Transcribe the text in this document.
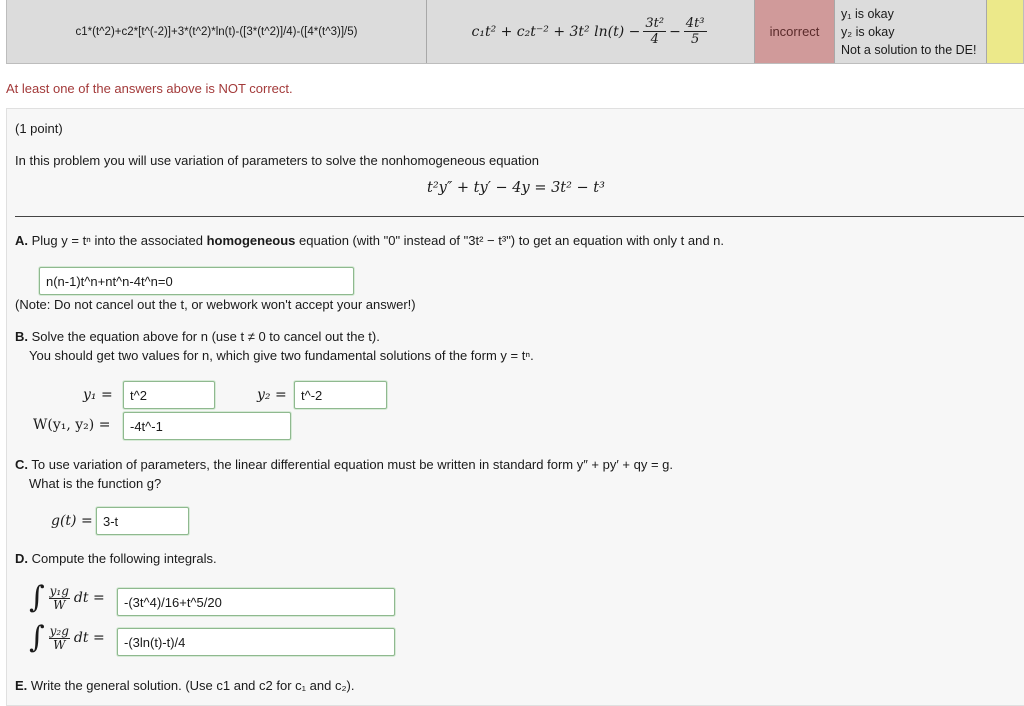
c1*(t^2)+c2*[t^(-2)]+3*(t^2)*ln(t)-([3*(t^2)]/4)-([4*(t^3)]/5)	c₁t² + c₂t⁻² + 3t² $\ln(t) - \frac{\text{3t²}}{4} - \frac{\text{4t³}}{5}$	incorrect
y₁ is okay
y₂ is okay
Not a solution to the DE!
At least one of the answers above is NOT correct.
(1 point)
In this problem you will use variation of parameters to solve the nonhomogeneous equation
t²y″ + ty′ − 4y = 3t² − t³
A. Plug y = tⁿ into the associated homogeneous equation (with "0" instead of "3t² − t³") to get an equation with only t and n.
n(n-1)t^n+nt^n-4t^n=0
(Note: Do not cancel out the t, or webwork won't accept your answer!)
B. Solve the equation above for n (use t ≠ 0 to cancel out the t).
You should get two values for n, which give two fundamental solutions of the form y = tⁿ.
y₁ =
t^2	y₂ =
t^-2
W(y₁, y₂) =
-4t^-1
C. To use variation of parameters, the linear differential equation must be written in standard form y″ + py′ + qy = g.
What is the function g?
g(t) =
3-t
D. Compute the following integrals.
∫ $\frac{\text{y₁g}}{W}$ dt =
-(3t^4)/16+t^5/20
∫ $\frac{\text{y₂g}}{W}$ dt =
-(3ln(t)-t)/4
E. Write the general solution. (Use c1 and c2 for c₁ and c₂).
